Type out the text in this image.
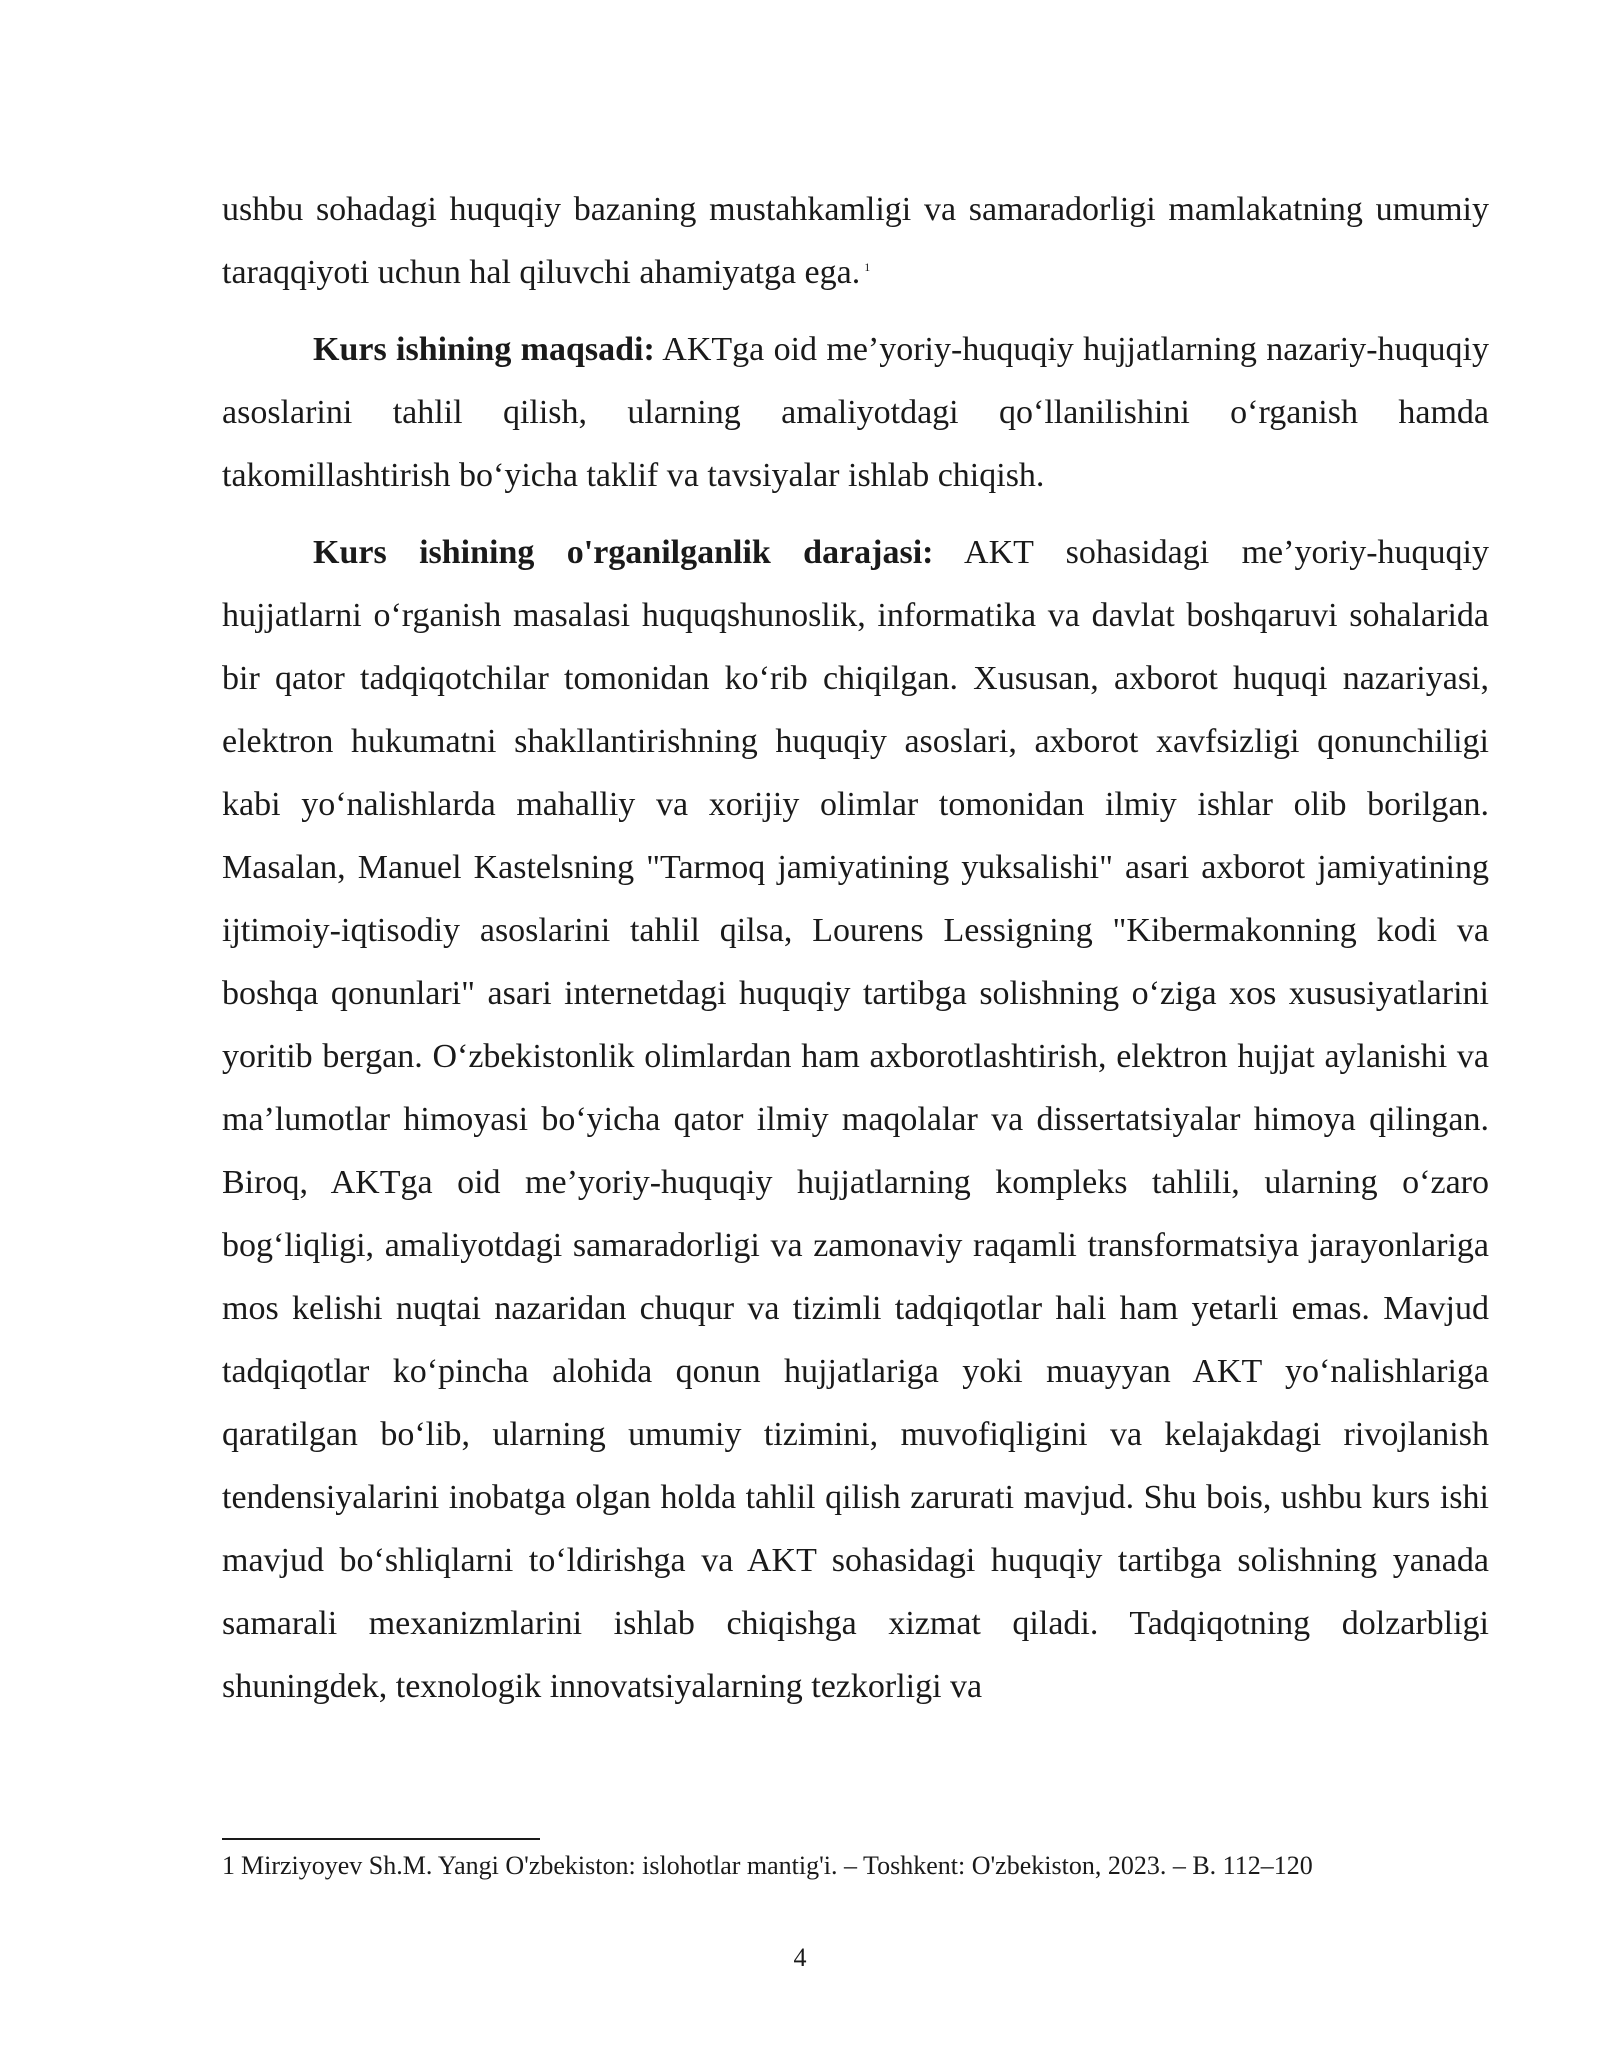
ushbu sohadagi huquqiy bazaning mustahkamligi va samaradorligi mamlakatning umumiy taraqqiyoti uchun hal qiluvchi ahamiyatga ega. $^1$

Kurs ishining maqsadi: AKTga oid me’yoriy-huquqiy hujjatlarning nazariy-huquqiy asoslarini tahlil qilish, ularning amaliyotdagi qo‘llanilishini o‘rganish hamda takomillashtirish bo‘yicha taklif va tavsiyalar ishlab chiqish.

Kurs ishining o'rganilganlik darajasi: AKT sohasidagi me’yoriy-huquqiy hujjatlarni o‘rganish masalasi huquqshunoslik, informatika va davlat boshqaruvi sohalarida bir qator tadqiqotchilar tomonidan ko‘rib chiqilgan. Xususan, axborot huquqi nazariyasi, elektron hukumatni shakllantirishning huquqiy asoslari, axborot xavfsizligi qonunchiligi kabi yo‘nalishlarda mahalliy va xorijiy olimlar tomonidan ilmiy ishlar olib borilgan. Masalan, Manuel Kastelsning "Tarmoq jamiyatining yuksalishi" asari axborot jamiyatining ijtimoiy-iqtisodiy asoslarini tahlil qilsa, Lourens Lessigning "Kibermakonning kodi va boshqa qonunlari" asari internetdagi huquqiy tartibga solishning o‘ziga xos xususiyatlarini yoritib bergan. O‘zbekistonlik olimlardan ham axborotlashtirish, elektron hujjat aylanishi va ma’lumotlar himoyasi bo‘yicha qator ilmiy maqolalar va dissertatsiyalar himoya qilingan. Biroq, AKTga oid me’yoriy-huquqiy hujjatlarning kompleks tahlili, ularning o‘zaro bog‘liqligi, amaliyotdagi samaradorligi va zamonaviy raqamli transformatsiya jarayonlariga mos kelishi nuqtai nazaridan chuqur va tizimli tadqiqotlar hali ham yetarli emas. Mavjud tadqiqotlar ko‘pincha alohida qonun hujjatlariga yoki muayyan AKT yo‘nalishlariga qaratilgan bo‘lib, ularning umumiy tizimini, muvofiqligini va kelajakdagi rivojlanish tendensiyalarini inobatga olgan holda tahlil qilish zarurati mavjud. Shu bois, ushbu kurs ishi mavjud bo‘shliqlarni to‘ldirishga va AKT sohasidagi huquqiy tartibga solishning yanada samarali mexanizmlarini ishlab chiqishga xizmat qiladi. Tadqiqotning dolzarbligi shuningdek, texnologik innovatsiyalarning tezkorligi va

1 Mirziyoyev Sh.M. Yangi O'zbekiston: islohotlar mantig'i. – Toshkent: O'zbekiston, 2023. – B. 112–120
4
